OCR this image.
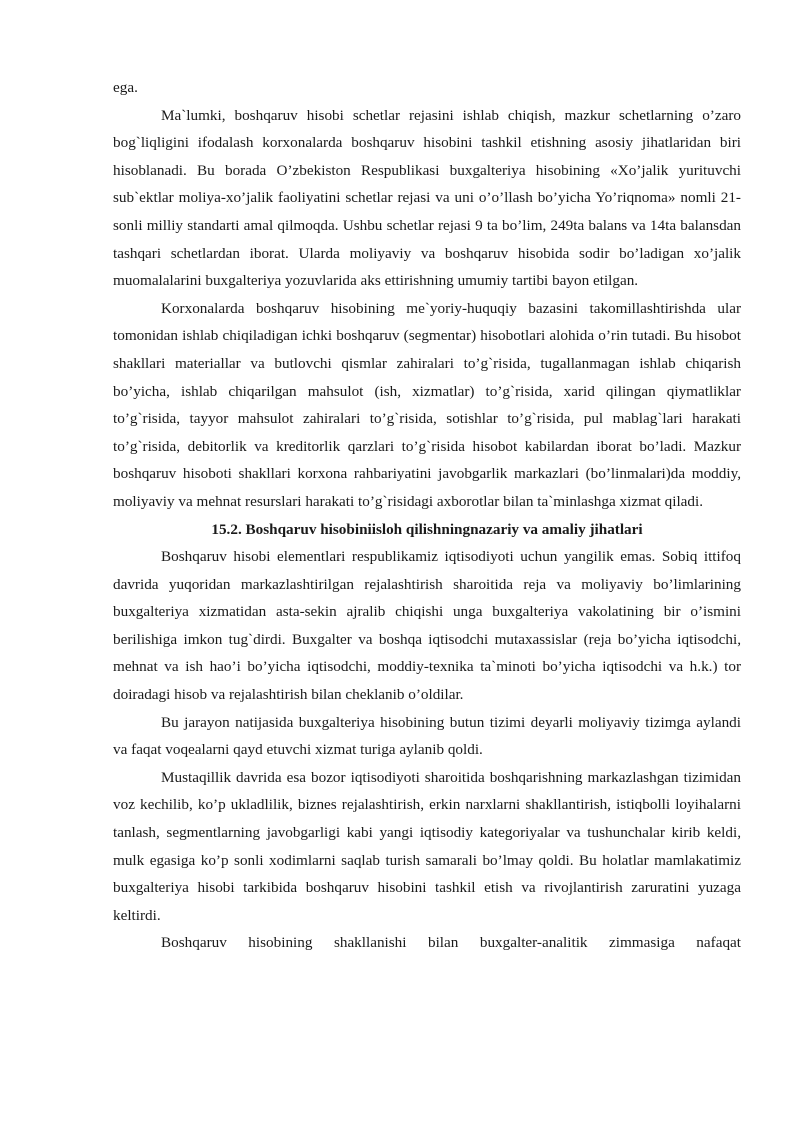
ega.

Ma`lumki, boshqaruv hisobi schetlar rejasini ishlab chiqish, mazkur schetlarning o’zaro bog`liqligini ifodalash korxonalarda boshqaruv hisobini tashkil etishning asosiy jihatlaridan biri hisoblanadi. Bu borada O’zbekiston Respublikasi buxgalteriya hisobining «Xo’jalik yurituvchi sub`ektlar moliya-xo’jalik faoliyatini schetlar rejasi va uni o’o’llash bo’yicha Yo’riqnoma» nomli 21-sonli milliy standarti amal qilmoqda. Ushbu schetlar rejasi 9 ta bo’lim, 249ta balans va 14ta balansdan tashqari schetlardan iborat. Ularda moliyaviy va boshqaruv hisobida sodir bo’ladigan xo’jalik muomalalarini buxgalteriya yozuvlarida aks ettirishning umumiy tartibi bayon etilgan.

Korxonalarda boshqaruv hisobining me`yoriy-huquqiy bazasini takomillashtirishda ular tomonidan ishlab chiqiladigan ichki boshqaruv (segmentar) hisobotlari alohida o’rin tutadi. Bu hisobot shakllari materiallar va butlovchi qismlar zahiralari to’g`risida, tugallanmagan ishlab chiqarish bo’yicha, ishlab chiqarilgan mahsulot (ish, xizmatlar) to’g`risida, xarid qilingan qiymatliklar to’g`risida, tayyor mahsulot zahiralari to’g`risida, sotishlar to’g`risida, pul mablag`lari harakati to’g`risida, debitorlik va kreditorlik qarzlari to’g`risida hisobot kabilardan iborat bo’ladi. Mazkur boshqaruv hisoboti shakllari korxona rahbariyatini javobgarlik markazlari (bo’linmalari)da moddiy, moliyaviy va mehnat resurslari harakati to’g`risidagi axborotlar bilan ta`minlashga xizmat qiladi.

15.2. Boshqaruv hisobiniisloh qilishningnazariy va amaliy jihatlari

Boshqaruv hisobi elementlari respublikamiz iqtisodiyoti uchun yangilik emas. Sobiq ittifoq davrida yuqoridan markazlashtirilgan rejalashtirish sharoitida reja va moliyaviy bo’limlarining buxgalteriya xizmatidan asta-sekin ajralib chiqishi unga buxgalteriya vakolatining bir o’ismini berilishiga imkon tug`dirdi. Buxgalter va boshqa iqtisodchi mutaxassislar (reja bo’yicha iqtisodchi, mehnat va ish hao’i bo’yicha iqtisodchi, moddiy-texnika ta`minoti bo’yicha iqtisodchi va h.k.) tor doiradagi hisob va rejalashtirish bilan cheklanib o’oldilar.

Bu jarayon natijasida buxgalteriya hisobining butun tizimi deyarli moliyaviy tizimga aylandi va faqat voqealarni qayd etuvchi xizmat turiga aylanib qoldi.

Mustaqillik davrida esa bozor iqtisodiyoti sharoitida boshqarishning markazlashgan tizimidan voz kechilib, ko’p ukladlilik, biznes rejalashtirish, erkin narxlarni shakllantirish, istiqbolli loyihalarni tanlash, segmentlarning javobgarligi kabi yangi iqtisodiy kategoriyalar va tushunchalar kirib keldi, mulk egasiga ko’p sonli xodimlarni saqlab turish samarali bo’lmay qoldi. Bu holatlar mamlakatimiz buxgalteriya hisobi tarkibida boshqaruv hisobini tashkil etish va rivojlantirish zaruratini yuzaga keltirdi.

Boshqaruv hisobining shakllanishi bilan buxgalter-analitik zimmasiga nafaqat
